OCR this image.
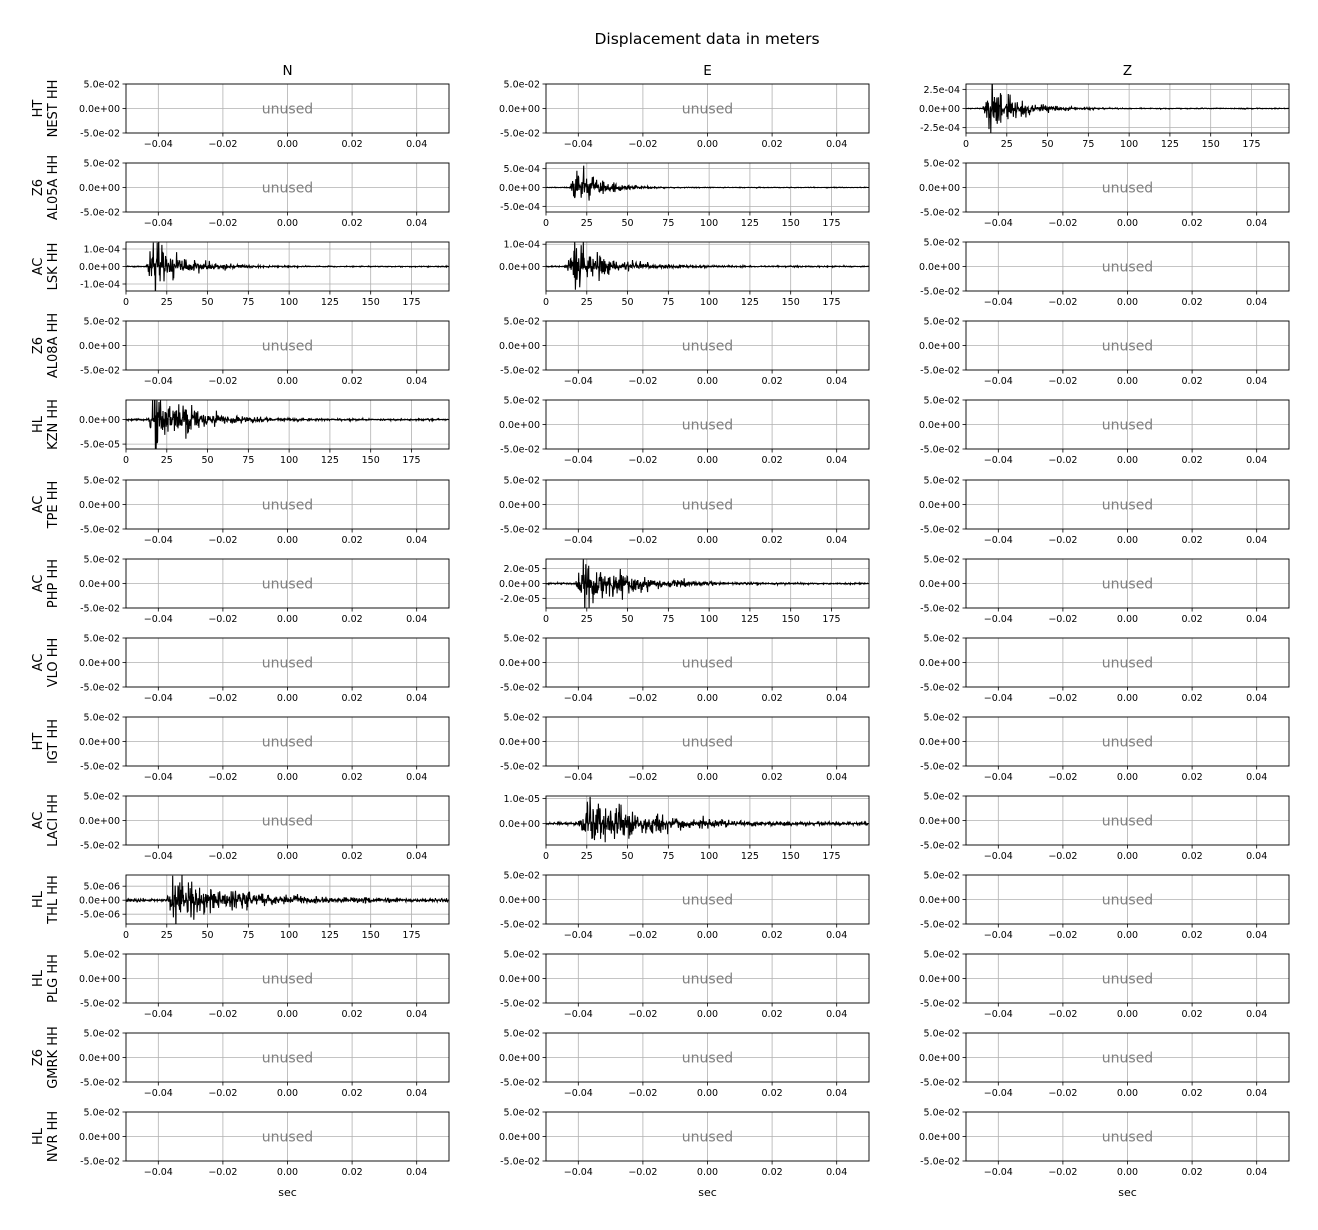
Displacement data in meters
N	E	Z
HTNEST HH
−0.04	−0.02	0.00	0.02	0.04
5.0e-02
0.0e+00
-5.0e-02
unused
−0.04	−0.02	0.00	0.02	0.04
5.0e-02
0.0e+00
-5.0e-02
unused
0	25	50	75	100 125 150 175
2.5e-04
0.0e+00
-2.5e-04
Z6AL05A HH
−0.04	−0.02	0.00	0.02	0.04
5.0e-02
0.0e+00
-5.0e-02
unused
0	25	50	75	100 125 150 175
5.0e-04
0.0e+00
-5.0e-04
−0.04	−0.02	0.00	0.02	0.04
5.0e-02
0.0e+00
-5.0e-02
unused
ACLSK HH
0	25	50	75	100 125 150 175
1.0e-04
0.0e+00
-1.0e-04
0	25	50	75	100 125 150 175
1.0e-04
0.0e+00
−0.04	−0.02	0.00	0.02	0.04
5.0e-02
0.0e+00
-5.0e-02
unused
Z6AL08A HH
−0.04	−0.02	0.00	0.02	0.04
5.0e-02
0.0e+00
-5.0e-02
unused
−0.04	−0.02	0.00	0.02	0.04
5.0e-02
0.0e+00
-5.0e-02
unused
−0.04	−0.02	0.00	0.02	0.04
5.0e-02
0.0e+00
-5.0e-02
unused
HLKZN HH
0	25	50	75	100 125 150 175
0.0e+00
-5.0e-05
−0.04	−0.02	0.00	0.02	0.04
5.0e-02
0.0e+00
-5.0e-02
unused
−0.04	−0.02	0.00	0.02	0.04
5.0e-02
0.0e+00
-5.0e-02
unused
ACTPE HH
−0.04	−0.02	0.00	0.02	0.04
5.0e-02
0.0e+00
-5.0e-02
unused
−0.04	−0.02	0.00	0.02	0.04
5.0e-02
0.0e+00
-5.0e-02
unused
−0.04	−0.02	0.00	0.02	0.04
5.0e-02
0.0e+00
-5.0e-02
unused
ACPHP HH
−0.04	−0.02	0.00	0.02	0.04
5.0e-02
0.0e+00
-5.0e-02
unused
0	25	50	75	100 125 150 175
2.0e-05
0.0e+00
-2.0e-05
−0.04	−0.02	0.00	0.02	0.04
5.0e-02
0.0e+00
-5.0e-02
unused
ACVLO HH
−0.04	−0.02	0.00	0.02	0.04
5.0e-02
0.0e+00
-5.0e-02
unused
−0.04	−0.02	0.00	0.02	0.04
5.0e-02
0.0e+00
-5.0e-02
unused
−0.04	−0.02	0.00	0.02	0.04
5.0e-02
0.0e+00
-5.0e-02
unused
HTIGT HH
−0.04	−0.02	0.00	0.02	0.04
5.0e-02
0.0e+00
-5.0e-02
unused
−0.04	−0.02	0.00	0.02	0.04
5.0e-02
0.0e+00
-5.0e-02
unused
−0.04	−0.02	0.00	0.02	0.04
5.0e-02
0.0e+00
-5.0e-02
unused
ACLACI HH
−0.04	−0.02	0.00	0.02	0.04
5.0e-02
0.0e+00
-5.0e-02
unused
0	25	50	75	100 125 150 175
1.0e-05
0.0e+00
−0.04	−0.02	0.00	0.02	0.04
5.0e-02
0.0e+00
-5.0e-02
unused
HLTHL HH
0	25	50	75	100 125 150 175
5.0e-06
0.0e+00
-5.0e-06
−0.04	−0.02	0.00	0.02	0.04
5.0e-02
0.0e+00
-5.0e-02
unused
−0.04	−0.02	0.00	0.02	0.04
5.0e-02
0.0e+00
-5.0e-02
unused
HLPLG HH
−0.04	−0.02	0.00	0.02	0.04
5.0e-02
0.0e+00
-5.0e-02
unused
−0.04	−0.02	0.00	0.02	0.04
5.0e-02
0.0e+00
-5.0e-02
unused
−0.04	−0.02	0.00	0.02	0.04
5.0e-02
0.0e+00
-5.0e-02
unused
Z6GMRK HH
−0.04	−0.02	0.00	0.02	0.04
5.0e-02
0.0e+00
-5.0e-02
unused
−0.04	−0.02	0.00	0.02	0.04
5.0e-02
0.0e+00
-5.0e-02
unused
−0.04	−0.02	0.00	0.02	0.04
5.0e-02
0.0e+00
-5.0e-02
unused
HLNVR HH
−0.04	−0.02	0.00	0.02	0.04
5.0e-02
0.0e+00
-5.0e-02
unused
sec
−0.04	−0.02	0.00	0.02	0.04
5.0e-02
0.0e+00
-5.0e-02
unused
sec
−0.04	−0.02	0.00	0.02	0.04
5.0e-02
0.0e+00
-5.0e-02
unused
sec
